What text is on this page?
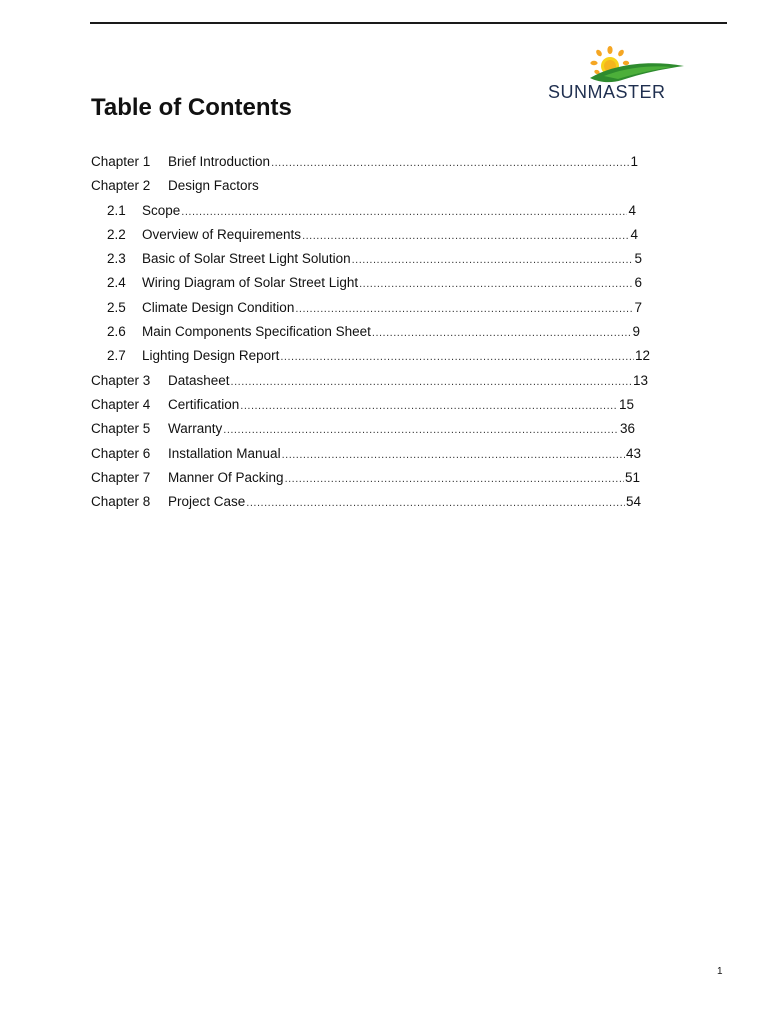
SUNMASTER
Table of Contents
Chapter 1	Brief Introduction .....	1
Chapter 2	Design Factors
2.1	Scope .....	4
2.2	Overview of Requirements .....	4
2.3	Basic of Solar Street Light Solution .....	5
2.4	Wiring Diagram of Solar Street Light .....	6
2.5	Climate Design Condition .....	7
2.6	Main Components Specification Sheet .....	9
2.7	Lighting Design Report .....	12
Chapter 3	Datasheet .....	13
Chapter 4	Certification .....	15
Chapter 5	Warranty .....	36
Chapter 6	Installation Manual .....	43
Chapter 7	Manner Of Packing .....	51
Chapter 8	Project Case .....	54
1
